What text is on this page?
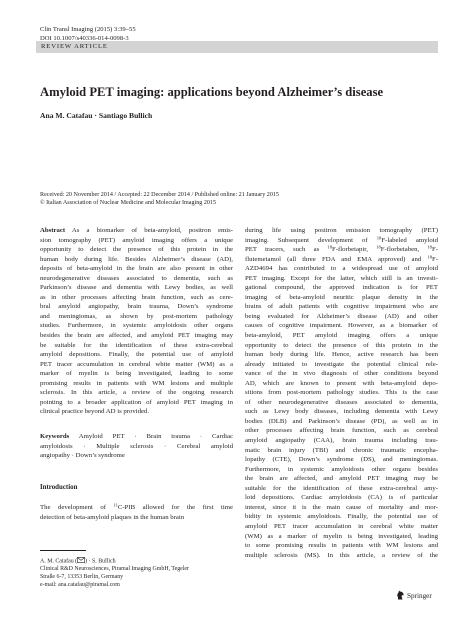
Clin Transl Imaging (2015) 3:39–55
DOI 10.1007/s40336-014-0098-3
REVIEW ARTICLE
Amyloid PET imaging: applications beyond Alzheimer’s disease
Ana M. Catafau · Santiago Bullich
Received: 20 November 2014 / Accepted: 22 December 2014 / Published online: 21 January 2015
© Italian Association of Nuclear Medicine and Molecular Imaging 2015
Abstract As a biomarker of beta-amyloid, positron emis-
sion tomography (PET) amyloid imaging offers a unique
opportunity to detect the presence of this protein in the
human body during life. Besides Alzheimer’s disease (AD),
deposits of beta-amyloid in the brain are also present in other
neurodegenerative diseases associated to dementia, such as
Parkinson’s disease and dementia with Lewy bodies, as well
as in other processes affecting brain function, such as cere-
bral amyloid angiopathy, brain trauma, Down’s syndrome
and meningiomas, as shown by post-mortem pathology
studies. Furthermore, in systemic amyloidosis other organs
besides the brain are affected, and amyloid PET imaging may
be suitable for the identification of these extra-cerebral
amyloid depositions. Finally, the potential use of amyloid
PET tracer accumulation in cerebral white matter (WM) as a
marker of myelin is being investigated, leading to some
promising results in patients with WM lesions and multiple
sclerosis. In this article, a review of the ongoing research
pointing to a broader application of amyloid PET imaging in
clinical practice beyond AD is provided.
Keywords Amyloid PET · Brain trauma · Cardiac
amyloidosis · Multiple sclerosis · Cerebral amyloid
angiopathy · Down’s syndrome
Introduction
The development of $^{11}$C-PIB allowed for the first time
detection of beta-amyloid plaques in the human brain
A. M. Catafau ( ) · S. Bullich
Clinical R&D Neurosciences, Piramal Imaging GmbH, Tegeler
Straße 6-7, 13353 Berlin, Germany
e-mail: ana.catafau@piramal.com
during life using positron emission tomography (PET)
imaging. Subsequent development of $^{18}$F-labeled amyloid
PET tracers, such as $^{18}$F-florbetapir, $^{18}$F-florbetaben, $^{18}$F-
flutemetamol (all three FDA and EMA approved) and $^{18}$F-
AZD4694 has contributed to a widespread use of amyloid
PET imaging. Except for the latter, which still is an investi-
gational compound, the approved indication is for PET
imaging of beta-amyloid neuritic plaque density in the
brains of adult patients with cognitive impairment who are
being evaluated for Alzheimer’s disease (AD) and other
causes of cognitive impairment. However, as a biomarker of
beta-amyloid, PET amyloid imaging offers a unique
opportunity to detect the presence of this protein in the
human body during life. Hence, active research has been
already initiated to investigate the potential clinical rele-
vance of the in vivo diagnosis of other conditions beyond
AD, which are known to present with beta-amyloid depo-
sitions from post-mortem pathology studies. This is the case
of other neurodegenerative diseases associated to dementia,
such as Lewy body diseases, including dementia with Lewy
bodies (DLB) and Parkinson’s disease (PD), as well as in
other processes affecting brain function, such as cerebral
amyloid angiopathy (CAA), brain trauma including trau-
matic brain injury (TBI) and chronic traumatic encepha-
lopathy (CTE), Down’s syndrome (DS), and meningiomas.
Furthermore, in systemic amyloidosis other organs besides
the brain are affected, and amyloid PET imaging may be
suitable for the identification of these extra-cerebral amy-
loid depositions. Cardiac amyloidosis (CA) is of particular
interest, since it is the main cause of mortality and mor-
bidity in systemic amyloidosis. Finally, the potential use of
amyloid PET tracer accumulation in cerebral white matter
(WM) as a marker of myelin is being investigated, leading
to some promising results in patients with WM lesions and
multiple sclerosis (MS). In this article, a review of the
Springer
